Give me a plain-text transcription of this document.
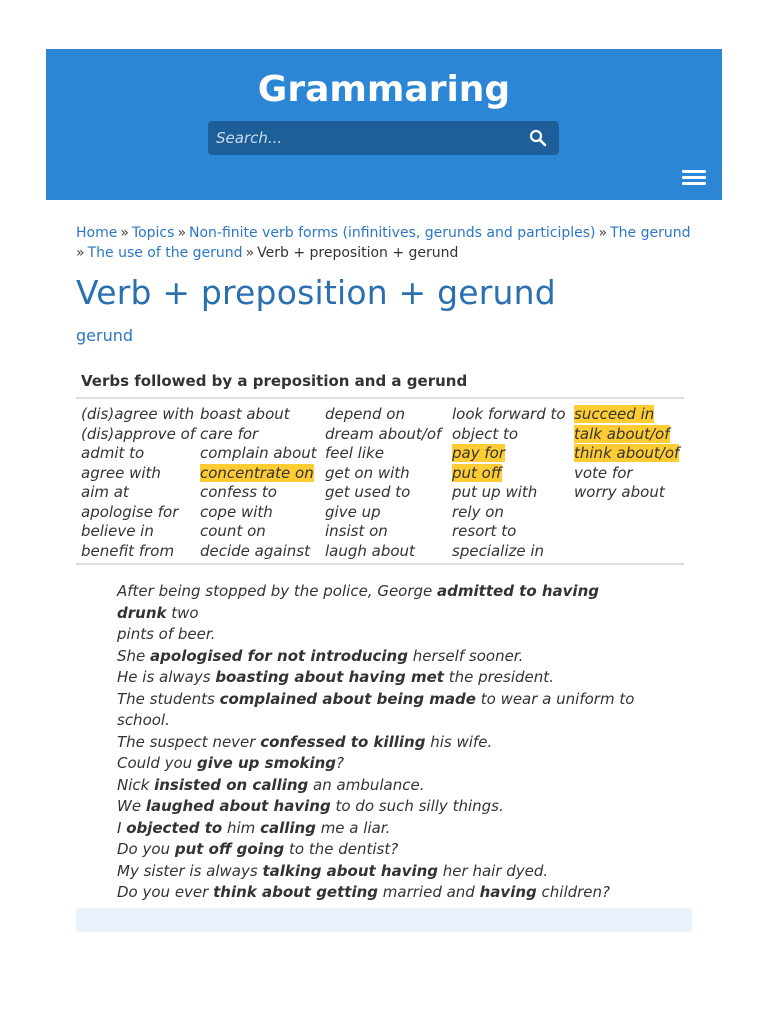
Grammaring
Search...
Home » Topics » Non-finite verb forms (infinitives, gerunds and participles) » The gerund
» The use of the gerund » Verb + preposition + gerund
Verb + preposition + gerund
gerund
Verbs followed by a preposition and a gerund
(dis)agree with
(dis)approve of
admit to
agree with
aim at
apologise for
believe in
benefit from
boast about
care for
complain about
concentrate on
confess to
cope with
count on
decide against
depend on
dream about/of
feel like
get on with
get used to
give up
insist on
laugh about
look forward to
object to
pay for
put off
put up with
rely on
resort to
specialize in
succeed in
talk about/of
think about/of
vote for
worry about
After being stopped by the police, George admitted to having drunk two
pints of beer.
She apologised for not introducing herself sooner.
He is always boasting about having met the president.
The students complained about being made to wear a uniform to
school.
The suspect never confessed to killing his wife.
Could you give up smoking?
Nick insisted on calling an ambulance.
We laughed about having to do such silly things.
I objected to him calling me a liar.
Do you put off going to the dentist?
My sister is always talking about having her hair dyed.
Do you ever think about getting married and having children?
